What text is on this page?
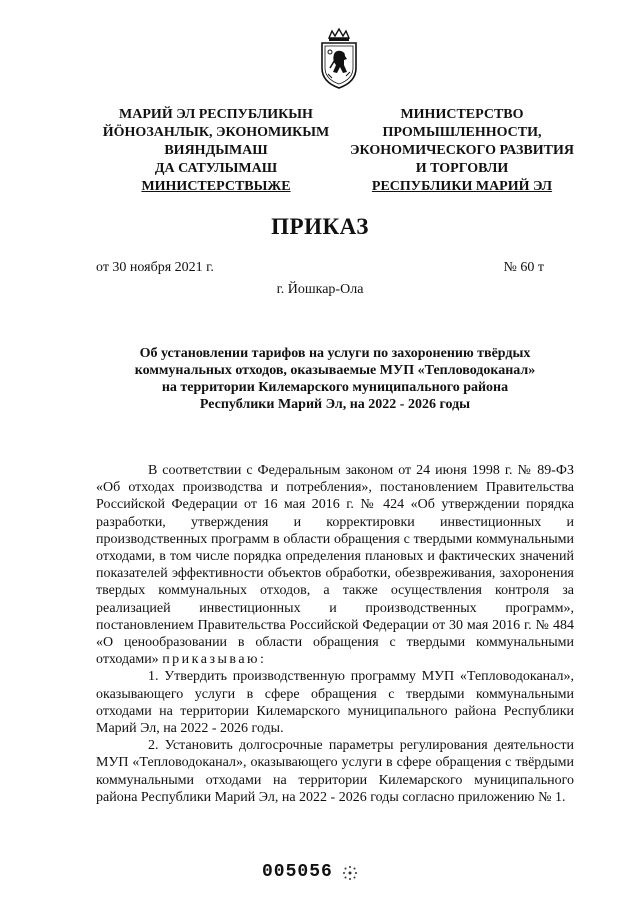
МАРИЙ ЭЛ РЕСПУБЛИКЫН
ЙÖНОЗАНЛЫК, ЭКОНОМИКЫМ
ВИЯНДЫМАШ
ДА САТУЛЫМАШ
МИНИСТЕРСТВЫЖЕ
МИНИСТЕРСТВО
ПРОМЫШЛЕННОСТИ,
ЭКОНОМИЧЕСКОГО РАЗВИТИЯ
И ТОРГОВЛИ
РЕСПУБЛИКИ МАРИЙ ЭЛ
ПРИКАЗ
от 30 ноября 2021 г.	№ 60 т
г. Йошкар-Ола
Об установлении тарифов на услуги по захоронению твёрдых
коммунальных отходов, оказываемые МУП «Тепловодоканал»
на территории Килемарского муниципального района
Республики Марий Эл, на 2022 - 2026 годы

В соответствии с Федеральным законом от 24 июня 1998 г. № 89-ФЗ «Об отходах производства и потребления», постановлением Правительства Российской Федерации от 16 мая 2016 г. № 424 «Об утверждении порядка разработки, утверждения и корректировки инвестиционных и производственных программ в области обращения с твердыми коммунальными отходами, в том числе порядка определения плановых и фактических значений показателей эффективности объектов обработки, обезвреживания, захоронения твердых коммунальных отходов, а также осуществления контроля за реализацией инвестиционных и производственных программ», постановлением Правительства Российской Федерации от 30 мая 2016 г. № 484 «О ценообразовании в области обращения с твердыми коммунальными отходами» приказываю:

1. Утвердить производственную программу МУП «Тепловодоканал», оказывающего услуги в сфере обращения с твердыми коммунальными отходами на территории Килемарского муниципального района Республики Марий Эл, на 2022 - 2026 годы.

2. Установить долгосрочные параметры регулирования деятельности МУП «Тепловодоканал», оказывающего услуги в сфере обращения с твёрдыми коммунальными отходами на территории Килемарского муниципального района Республики Марий Эл, на 2022 - 2026 годы согласно приложению № 1.

005056
